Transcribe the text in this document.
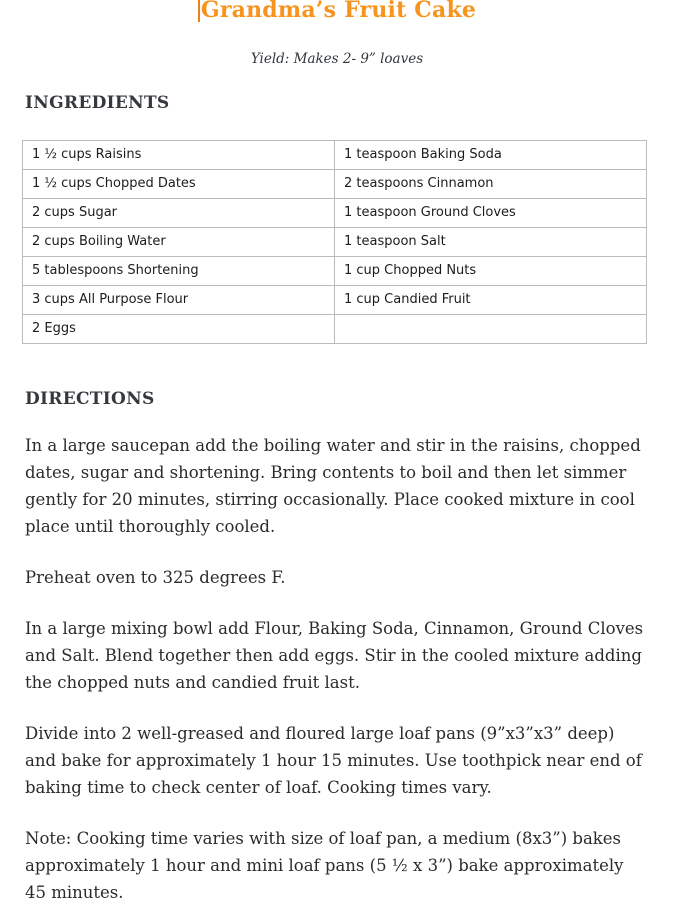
Grandma’s Fruit Cake

Yield: Makes 2- 9” loaves

INGREDIENTS
1 ½ cups Raisins	1 teaspoon Baking Soda
1 ½ cups Chopped Dates	2 teaspoons Cinnamon
2 cups Sugar	1 teaspoon Ground Cloves
2 cups Boiling Water	1 teaspoon Salt
5 tablespoons Shortening	1 cup Chopped Nuts
3 cups All Purpose Flour	1 cup Candied Fruit
2 Eggs	
DIRECTIONS

In a large saucepan add the boiling water and stir in the raisins, chopped dates, sugar and shortening. Bring contents to boil and then let simmer gently for 20 minutes, stirring occasionally. Place cooked mixture in cool place until thoroughly cooled.

Preheat oven to 325 degrees F.

In a large mixing bowl add Flour, Baking Soda, Cinnamon, Ground Cloves and Salt. Blend together then add eggs. Stir in the cooled mixture adding the chopped nuts and candied fruit last.

Divide into 2 well-greased and floured large loaf pans (9”x3”x3” deep) and bake for approximately 1 hour 15 minutes. Use toothpick near end of baking time to check center of loaf. Cooking times vary.

Note: Cooking time varies with size of loaf pan, a medium (8x3”) bakes approximately 1 hour and mini loaf pans (5 ½ x 3”) bake approximately 45 minutes.
